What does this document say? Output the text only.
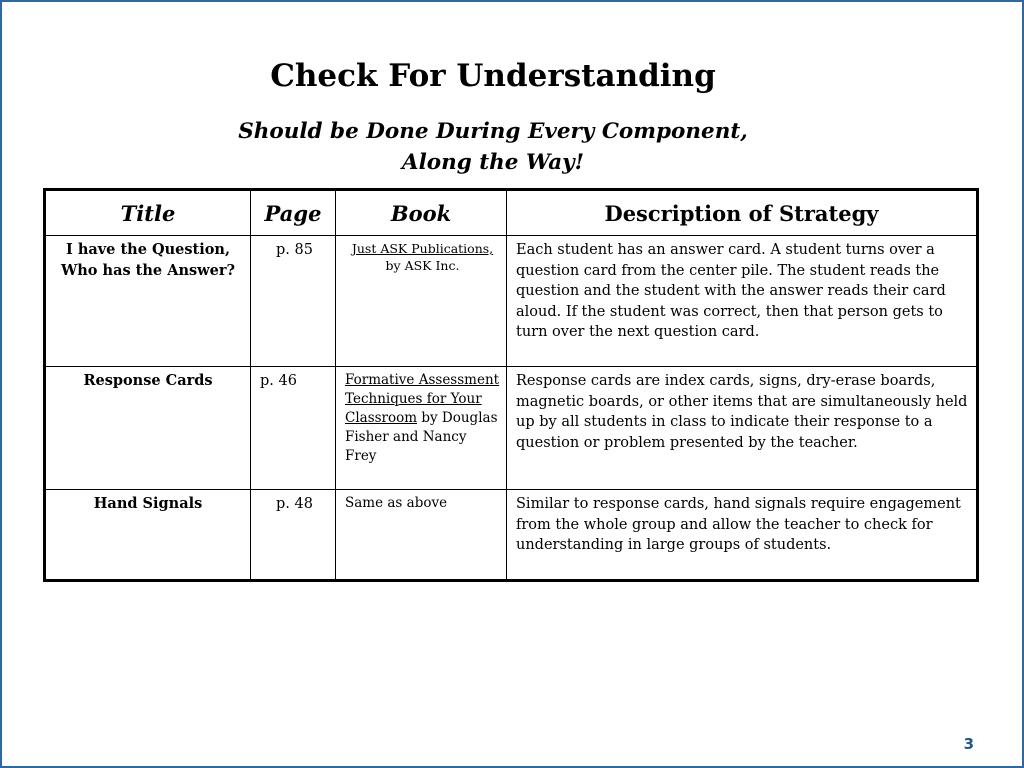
Check For Understanding
Should be Done During Every Component,
Along the Way!
Title	Page	Book	Description of Strategy
I have the Question, Who has the Answer?	p. 85	Just ASK Publications, by ASK Inc.	Each student has an answer card. A student turns over a question card from the center pile. The student reads the question and the student with the answer reads their card aloud. If the student was correct, then that person gets to turn over the next question card.
Response Cards	p. 46	Formative Assessment Techniques for Your Classroom by Douglas Fisher and Nancy Frey	Response cards are index cards, signs, dry-erase boards, magnetic boards, or other items that are simultaneously held up by all students in class to indicate their response to a question or problem presented by the teacher.
Hand Signals	p. 48	Same as above	Similar to response cards, hand signals require engagement from the whole group and allow the teacher to check for understanding in large groups of students.
3
